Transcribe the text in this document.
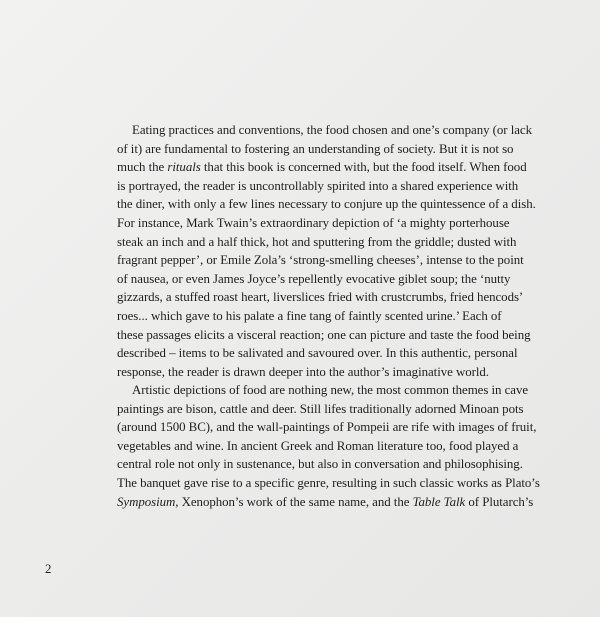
Eating practices and conventions, the food chosen and one’s company (or lack
of it) are fundamental to fostering an understanding of society. But it is not so
much the rituals that this book is concerned with, but the food itself. When food
is portrayed, the reader is uncontrollably spirited into a shared experience with
the diner, with only a few lines necessary to conjure up the quintessence of a dish.
For instance, Mark Twain’s extraordinary depiction of ‘a mighty porterhouse
steak an inch and a half thick, hot and sputtering from the griddle; dusted with
fragrant pepper’, or Emile Zola’s ‘strong-smelling cheeses’, intense to the point
of nausea, or even James Joyce’s repellently evocative giblet soup; the ‘nutty
gizzards, a stuffed roast heart, liverslices fried with crustcrumbs, fried hencods’
roes... which gave to his palate a fine tang of faintly scented urine.’ Each of
these passages elicits a visceral reaction; one can picture and taste the food being
described – items to be salivated and savoured over. In this authentic, personal
response, the reader is drawn deeper into the author’s imaginative world.

Artistic depictions of food are nothing new, the most common themes in cave
paintings are bison, cattle and deer. Still lifes traditionally adorned Minoan pots
(around 1500 BC), and the wall-paintings of Pompeii are rife with images of fruit,
vegetables and wine. In ancient Greek and Roman literature too, food played a
central role not only in sustenance, but also in conversation and philosophising.
The banquet gave rise to a specific genre, resulting in such classic works as Plato’s
Symposium, Xenophon’s work of the same name, and the Table Talk of Plutarch’s

2
